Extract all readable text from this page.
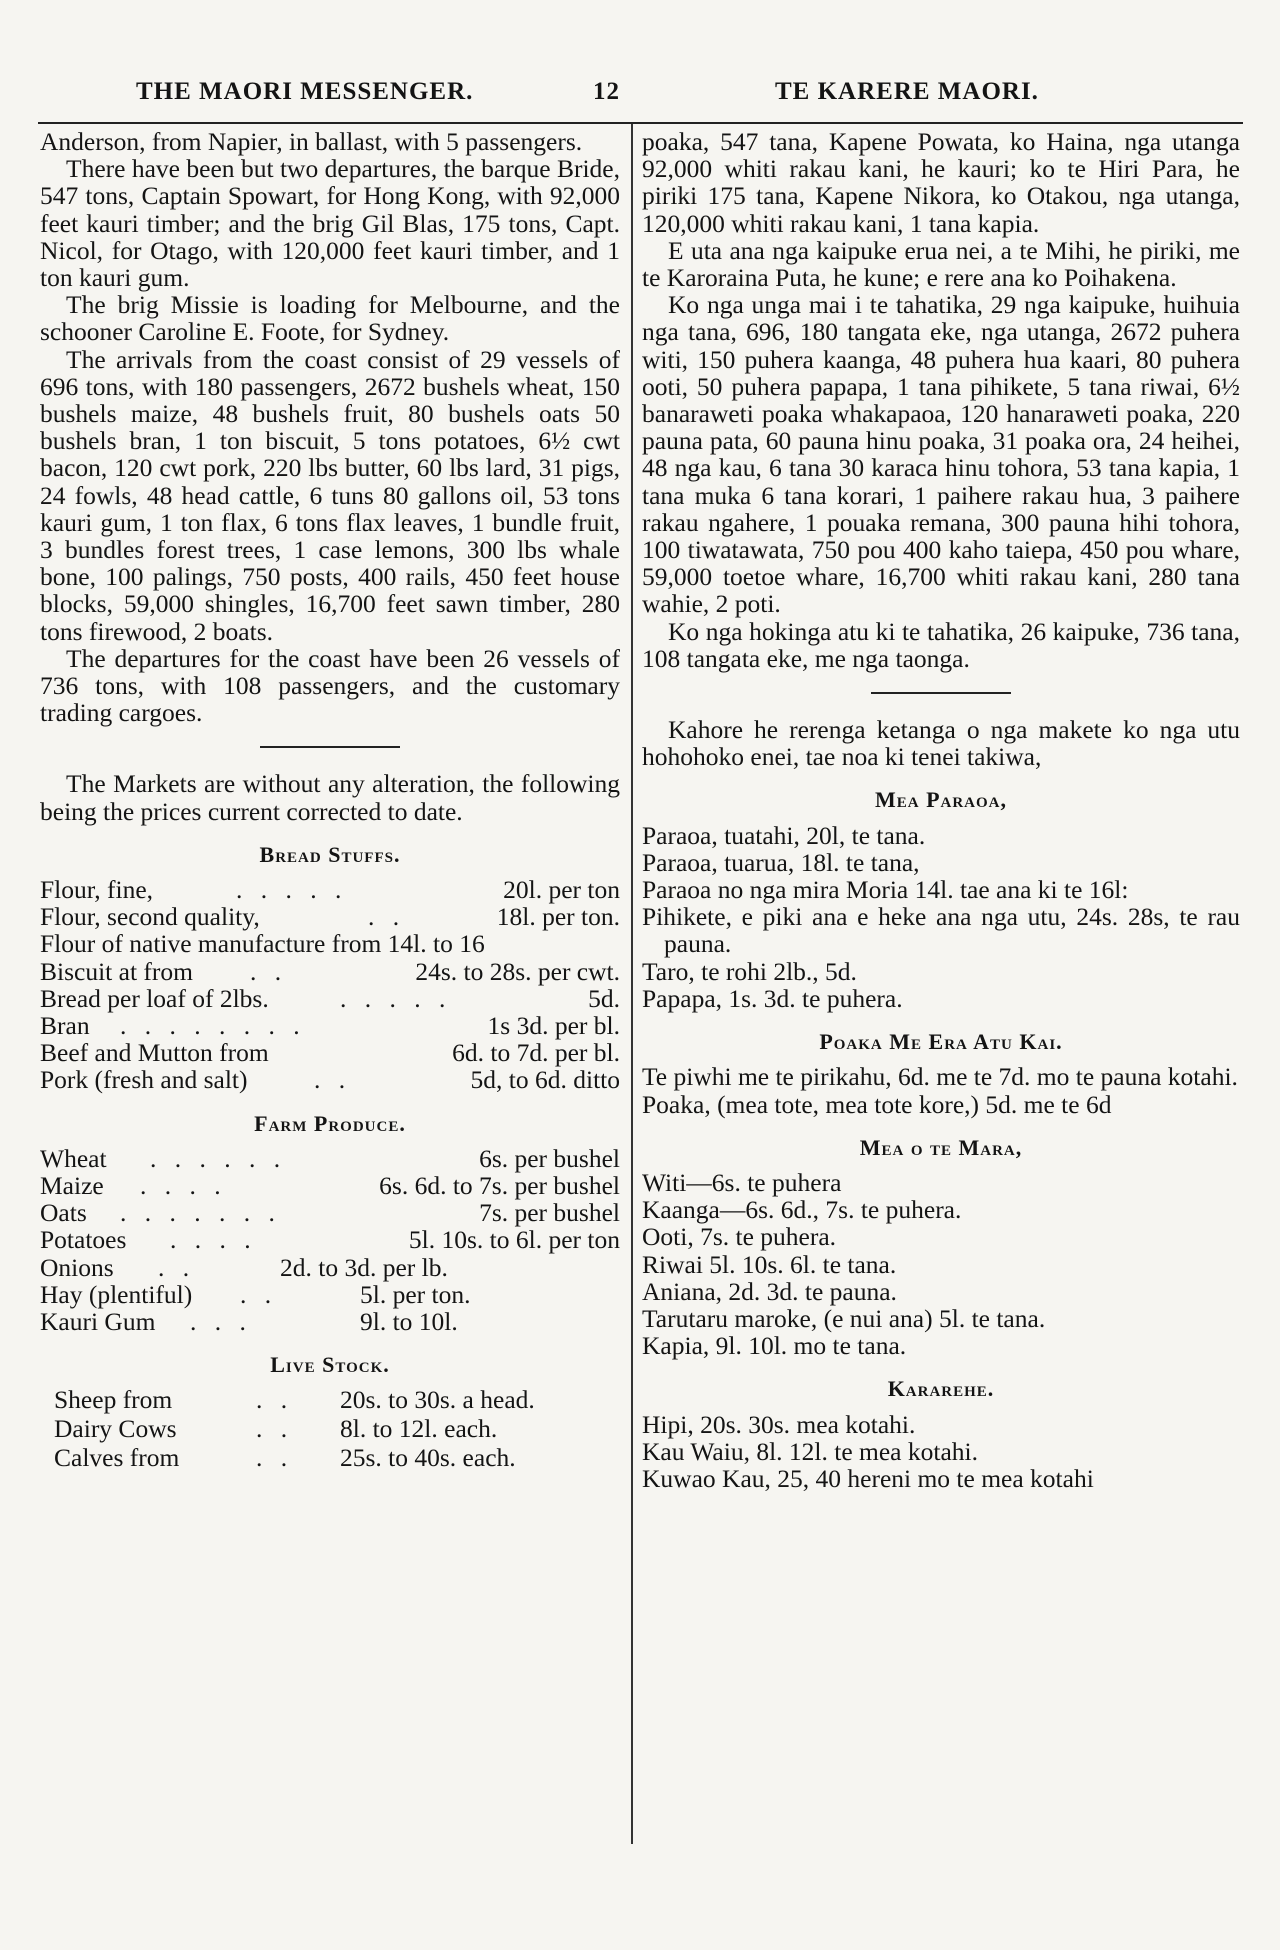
THE MAORI MESSENGER.	12	TE KARERE MAORI.

Anderson, from Napier, in ballast, with 5 passengers.

There have been but two departures, the barque Bride, 547 tons, Captain Spowart, for Hong Kong, with 92,000 feet kauri timber; and the brig Gil Blas, 175 tons, Capt. Nicol, for Otago, with 120,000 feet kauri timber, and 1 ton kauri gum.

The brig Missie is loading for Melbourne, and the schooner Caroline E. Foote, for Sydney.

The arrivals from the coast consist of 29 vessels of 696 tons, with 180 passengers, 2672 bushels wheat, 150 bushels maize, 48 bushels fruit, 80 bushels oats 50 bushels bran, 1 ton biscuit, 5 tons potatoes, 6½ cwt bacon, 120 cwt pork, 220 lbs butter, 60 lbs lard, 31 pigs, 24 fowls, 48 head cattle, 6 tuns 80 gallons oil, 53 tons kauri gum, 1 ton flax, 6 tons flax leaves, 1 bundle fruit, 3 bundles forest trees, 1 case lemons, 300 lbs whale bone, 100 palings, 750 posts, 400 rails, 450 feet house blocks, 59,000 shingles, 16,700 feet sawn timber, 280 tons firewood, 2 boats.

The departures for the coast have been 26 vessels of 736 tons, with 108 passengers, and the customary trading cargoes.

The Markets are without any alteration, the following being the prices current corrected to date.

Bread Stuffs.
Flour, fine,	. . . . .	20l. per ton
Flour, second quality,	. .	18l. per ton.
Flour of native manufacture from 14l. to 16
Biscuit at from . .	24s. to 28s. per cwt.
Bread per loaf of 2lbs.	. . . . .	5d.
Bran . . . . . . . .	1s 3d. per bl.
Beef and Mutton from	6d. to 7d. per bl.
Pork (fresh and salt)	. .	5d, to 6d. ditto
Farm Produce.
Wheat . . . . . .	6s. per bushel
Maize . . . .	6s. 6d. to 7s. per bushel
Oats . . . . . . .	7s. per bushel
Potatoes . . . .	5l. 10s. to 6l. per ton
Onions . .	2d. to 3d. per lb.
Hay (plentiful) . .	5l. per ton.
Kauri Gum . . .	9l. to 10l.
Live Stock.
Sheep from	. . 20s. to 30s. a head.
Dairy Cows	. . 8l. to 12l. each.
Calves from	. . 25s. to 40s. each.

poaka, 547 tana, Kapene Powata, ko Haina, nga utanga 92,000 whiti rakau kani, he kauri; ko te Hiri Para, he piriki 175 tana, Kapene Nikora, ko Otakou, nga utanga, 120,000 whiti rakau kani, 1 tana kapia.

E uta ana nga kaipuke erua nei, a te Mihi, he piriki, me te Karoraina Puta, he kune; e rere ana ko Poihakena.

Ko nga unga mai i te tahatika, 29 nga kaipuke, huihuia nga tana, 696, 180 tangata eke, nga utanga, 2672 puhera witi, 150 puhera kaanga, 48 puhera hua kaari, 80 puhera ooti, 50 puhera papapa, 1 tana pihikete, 5 tana riwai, 6½ banaraweti poaka whakapaoa, 120 hanaraweti poaka, 220 pauna pata, 60 pauna hinu poaka, 31 poaka ora, 24 heihei, 48 nga kau, 6 tana 30 karaca hinu tohora, 53 tana kapia, 1 tana muka 6 tana korari, 1 paihere rakau hua, 3 paihere rakau ngahere, 1 pouaka remana, 300 pauna hihi tohora, 100 tiwatawata, 750 pou 400 kaho taiepa, 450 pou whare, 59,000 toetoe whare, 16,700 whiti rakau kani, 280 tana wahie, 2 poti.

Ko nga hokinga atu ki te tahatika, 26 kaipuke, 736 tana, 108 tangata eke, me nga taonga.

Kahore he rerenga ketanga o nga makete ko nga utu hohohoko enei, tae noa ki tenei takiwa,

Mea Paraoa,

Paraoa, tuatahi, 20l, te tana.

Paraoa, tuarua, 18l. te tana,

Paraoa no nga mira Moria 14l. tae ana ki te 16l:

Pihikete, e piki ana e heke ana nga utu, 24s. 28s, te rau pauna.

Taro, te rohi 2lb., 5d.

Papapa, 1s. 3d. te puhera.

Poaka Me Era Atu Kai.

Te piwhi me te pirikahu, 6d. me te 7d. mo te pauna kotahi.

Poaka, (mea tote, mea tote kore,) 5d. me te 6d

Mea o te Mara,

Witi—6s. te puhera

Kaanga—6s. 6d., 7s. te puhera.

Ooti, 7s. te puhera.

Riwai 5l. 10s. 6l. te tana.

Aniana, 2d. 3d. te pauna.

Tarutaru maroke, (e nui ana) 5l. te tana.

Kapia, 9l. 10l. mo te tana.

Kararehe.

Hipi, 20s. 30s. mea kotahi.

Kau Waiu, 8l. 12l. te mea kotahi.

Kuwao Kau, 25, 40 hereni mo te mea kotahi
